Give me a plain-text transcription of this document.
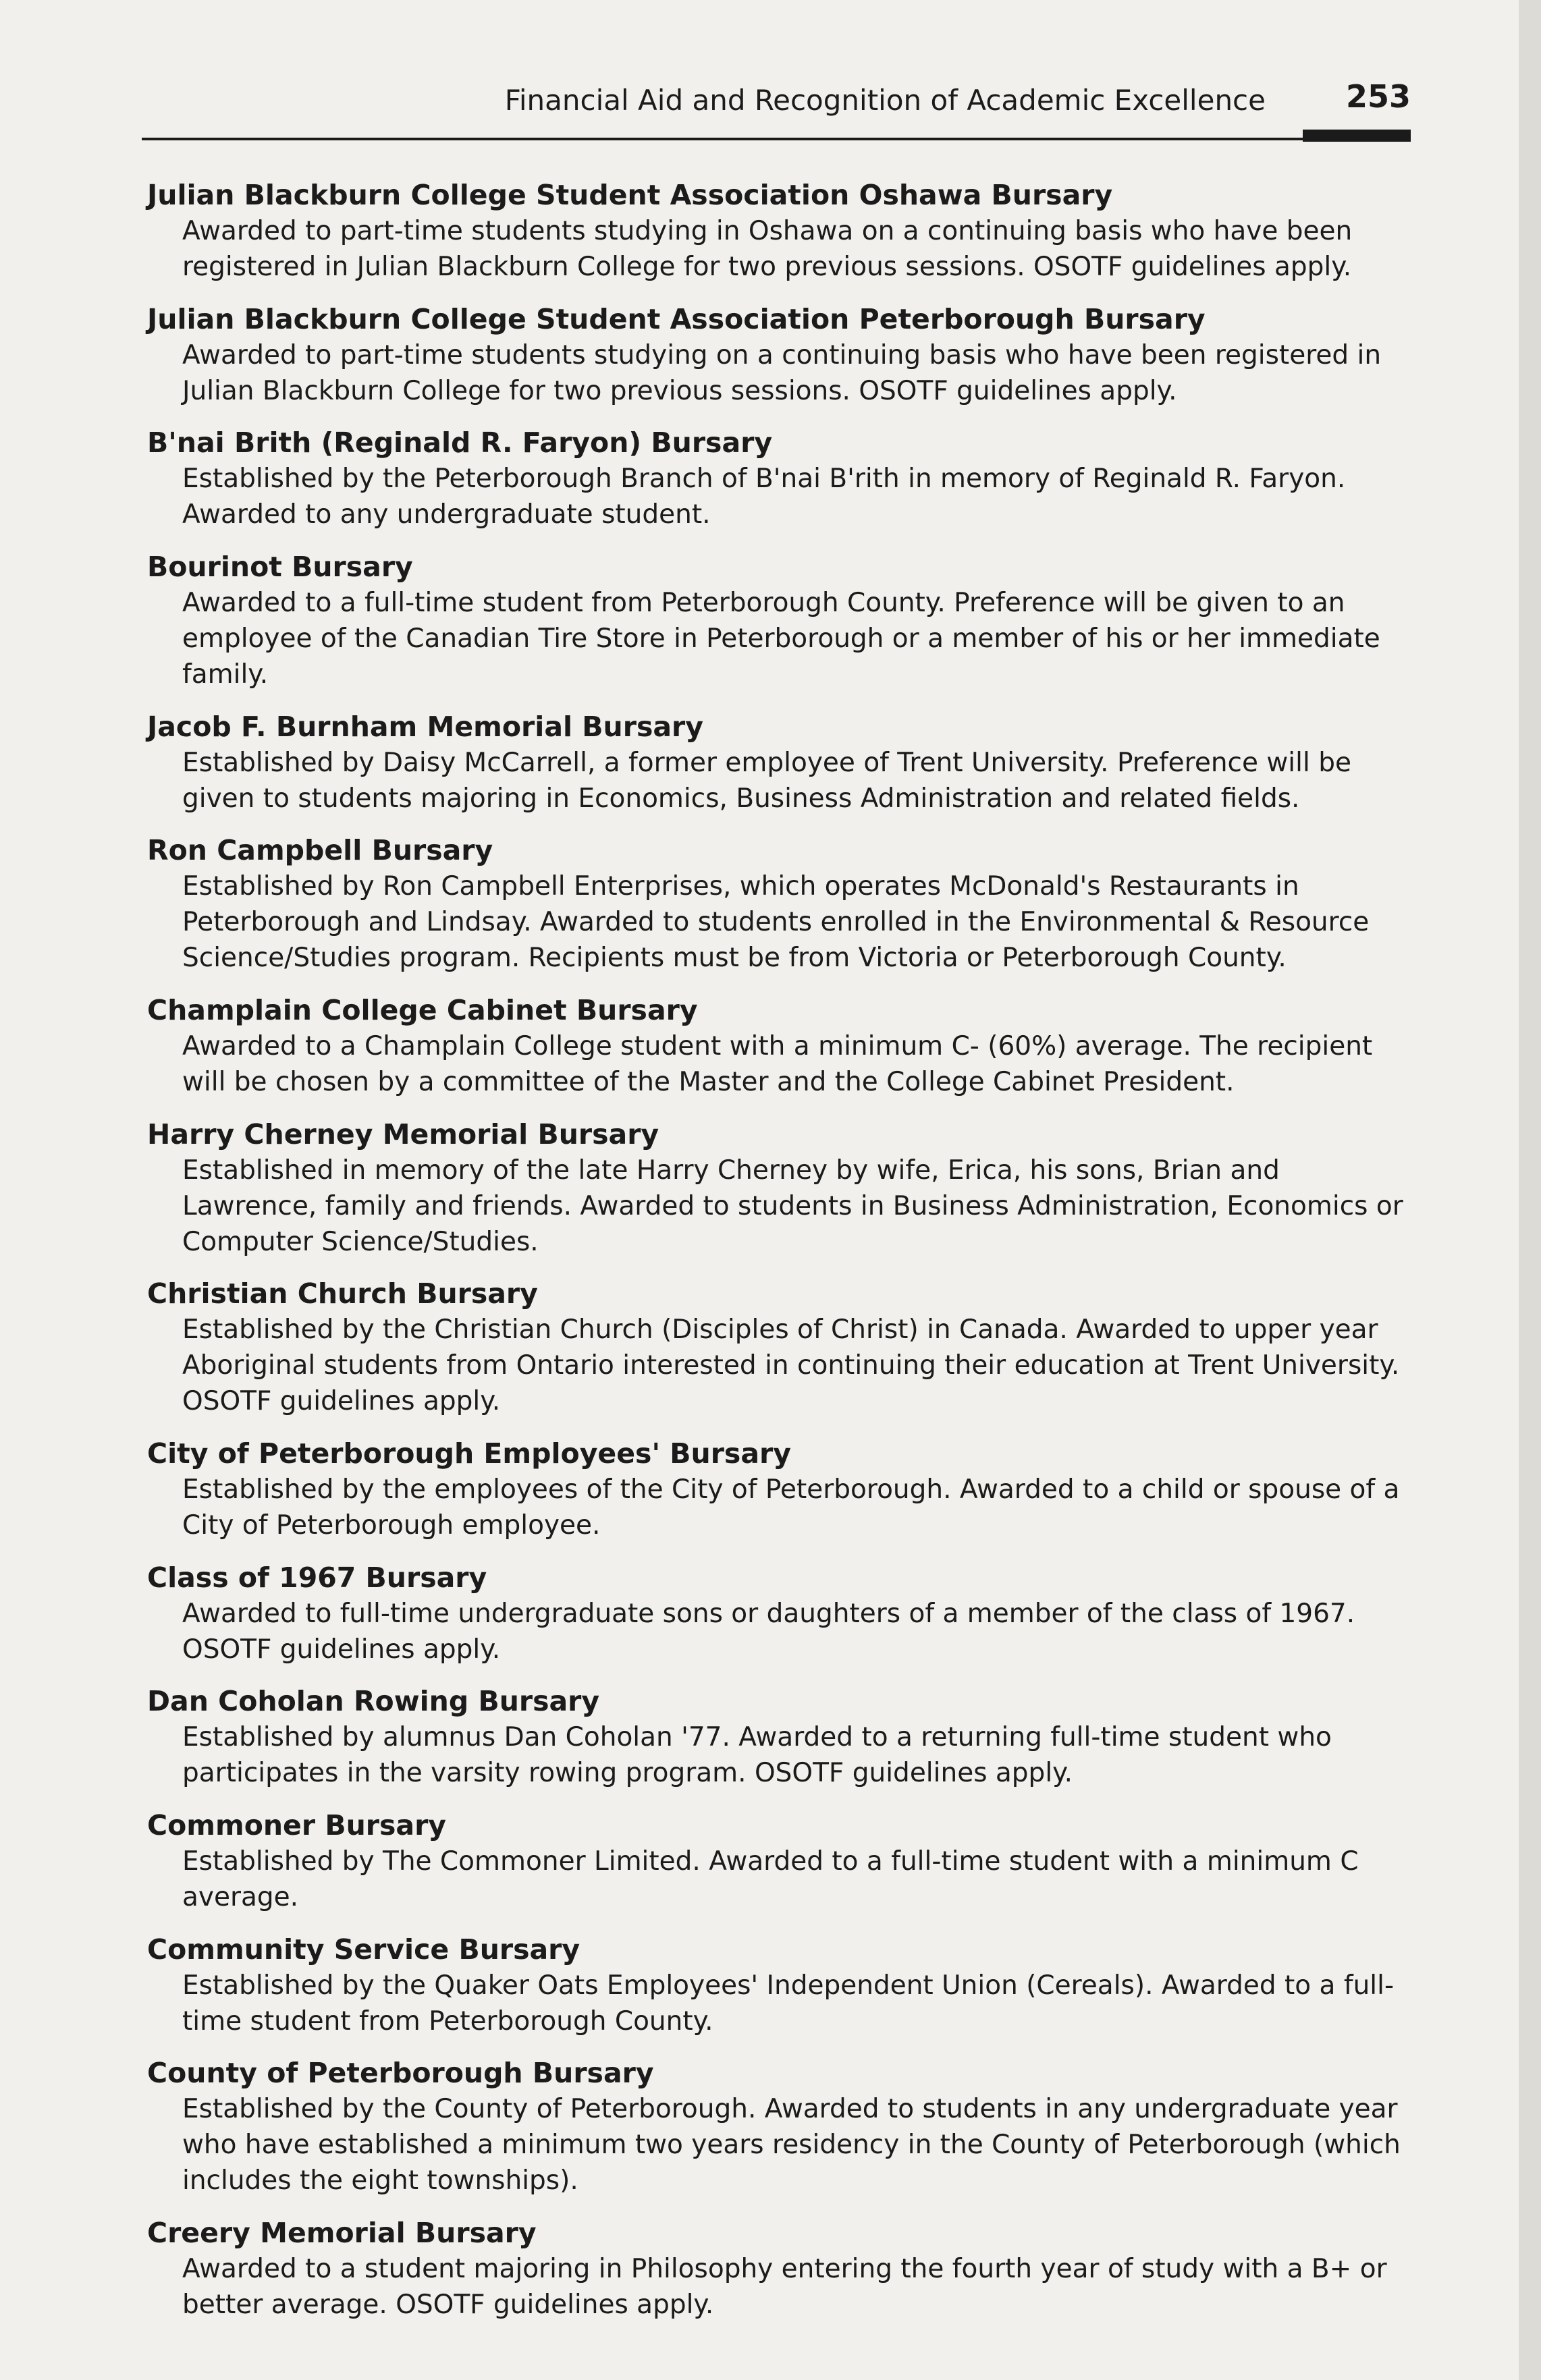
Financial Aid and Recognition of Academic Excellence	253
Julian Blackburn College Student Association Oshawa Bursary
Awarded to part-time students studying in Oshawa on a continuing basis who have been registered in Julian Blackburn College for two previous sessions. OSOTF guidelines apply.
Julian Blackburn College Student Association Peterborough Bursary
Awarded to part-time students studying on a continuing basis who have been registered in Julian Blackburn College for two previous sessions. OSOTF guidelines apply.
B'nai Brith (Reginald R. Faryon) Bursary
Established by the Peterborough Branch of B'nai B'rith in memory of Reginald R. Faryon. Awarded to any undergraduate student.
Bourinot Bursary
Awarded to a full-time student from Peterborough County. Preference will be given to an employee of the Canadian Tire Store in Peterborough or a member of his or her immediate family.
Jacob F. Burnham Memorial Bursary
Established by Daisy McCarrell, a former employee of Trent University. Preference will be given to students majoring in Economics, Business Administration and related fields.
Ron Campbell Bursary
Established by Ron Campbell Enterprises, which operates McDonald's Restaurants in Peterborough and Lindsay. Awarded to students enrolled in the Environmental & Resource Science/Studies program. Recipients must be from Victoria or Peterborough County.
Champlain College Cabinet Bursary
Awarded to a Champlain College student with a minimum C- (60%) average. The recipient will be chosen by a committee of the Master and the College Cabinet President.
Harry Cherney Memorial Bursary
Established in memory of the late Harry Cherney by wife, Erica, his sons, Brian and Lawrence, family and friends. Awarded to students in Business Administration, Economics or Computer Science/Studies.
Christian Church Bursary
Established by the Christian Church (Disciples of Christ) in Canada. Awarded to upper year Aboriginal students from Ontario interested in continuing their education at Trent University. OSOTF guidelines apply.
City of Peterborough Employees' Bursary
Established by the employees of the City of Peterborough. Awarded to a child or spouse of a City of Peterborough employee.
Class of 1967 Bursary
Awarded to full-time undergraduate sons or daughters of a member of the class of 1967. OSOTF guidelines apply.
Dan Coholan Rowing Bursary
Established by alumnus Dan Coholan '77. Awarded to a returning full-time student who participates in the varsity rowing program. OSOTF guidelines apply.
Commoner Bursary
Established by The Commoner Limited. Awarded to a full-time student with a minimum C average.
Community Service Bursary
Established by the Quaker Oats Employees' Independent Union (Cereals). Awarded to a full-time student from Peterborough County.
County of Peterborough Bursary
Established by the County of Peterborough. Awarded to students in any undergraduate year who have established a minimum two years residency in the County of Peterborough (which includes the eight townships).
Creery Memorial Bursary
Awarded to a student majoring in Philosophy entering the fourth year of study with a B+ or better average. OSOTF guidelines apply.
